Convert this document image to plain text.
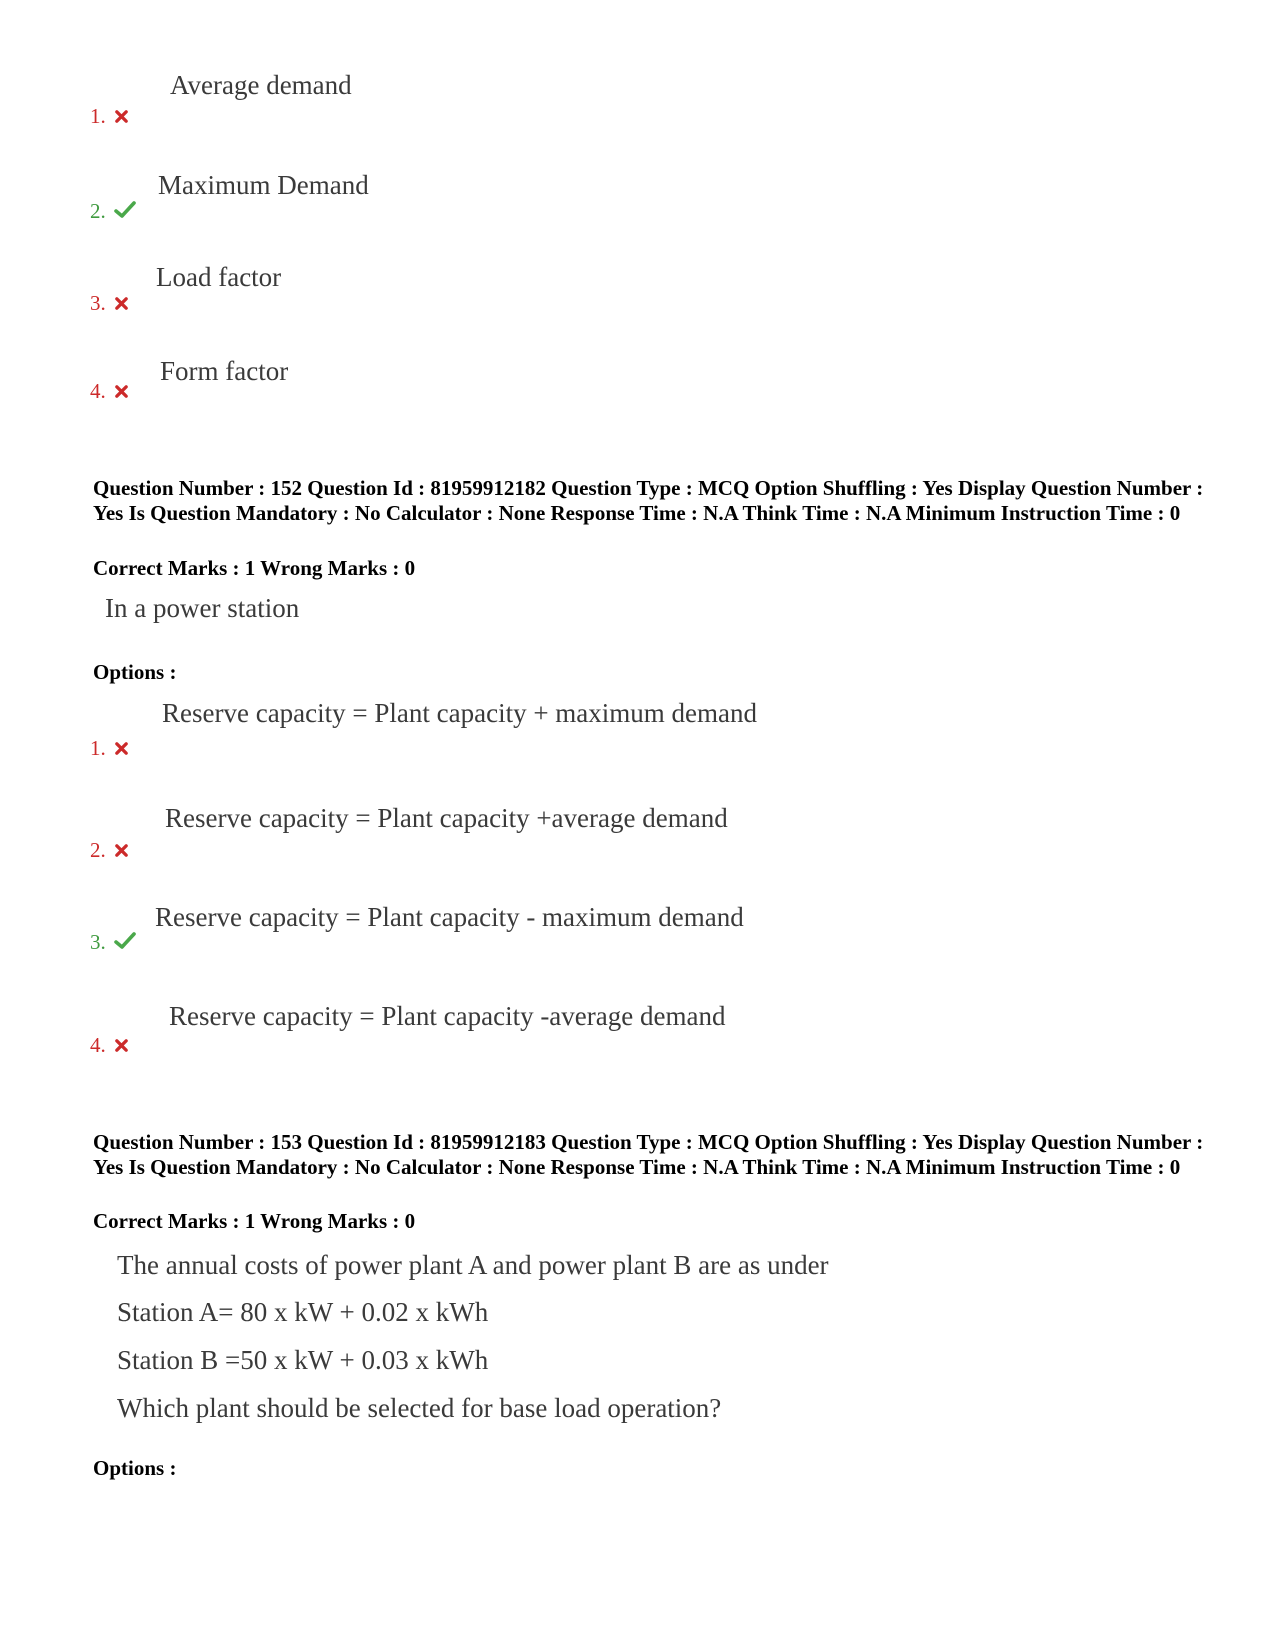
Average demand
1.
Maximum Demand
2.
Load factor
3.
Form factor
4.
Question Number : 152 Question Id : 81959912182 Question Type : MCQ Option Shuffling : Yes Display Question Number : Yes Is Question Mandatory : No Calculator : None Response Time : N.A Think Time : N.A Minimum Instruction Time : 0
Correct Marks : 1 Wrong Marks : 0
In a power station
Options :
Reserve capacity = Plant capacity + maximum demand
1.
Reserve capacity = Plant capacity +average demand
2.
Reserve capacity = Plant capacity - maximum demand
3.
Reserve capacity = Plant capacity -average demand
4.
Question Number : 153 Question Id : 81959912183 Question Type : MCQ Option Shuffling : Yes Display Question Number : Yes Is Question Mandatory : No Calculator : None Response Time : N.A Think Time : N.A Minimum Instruction Time : 0
Correct Marks : 1 Wrong Marks : 0
The annual costs of power plant A and power plant B are as under
Station A= 80 x kW + 0.02 x kWh
Station B =50 x kW + 0.03 x kWh
Which plant should be selected for base load operation?
Options :
